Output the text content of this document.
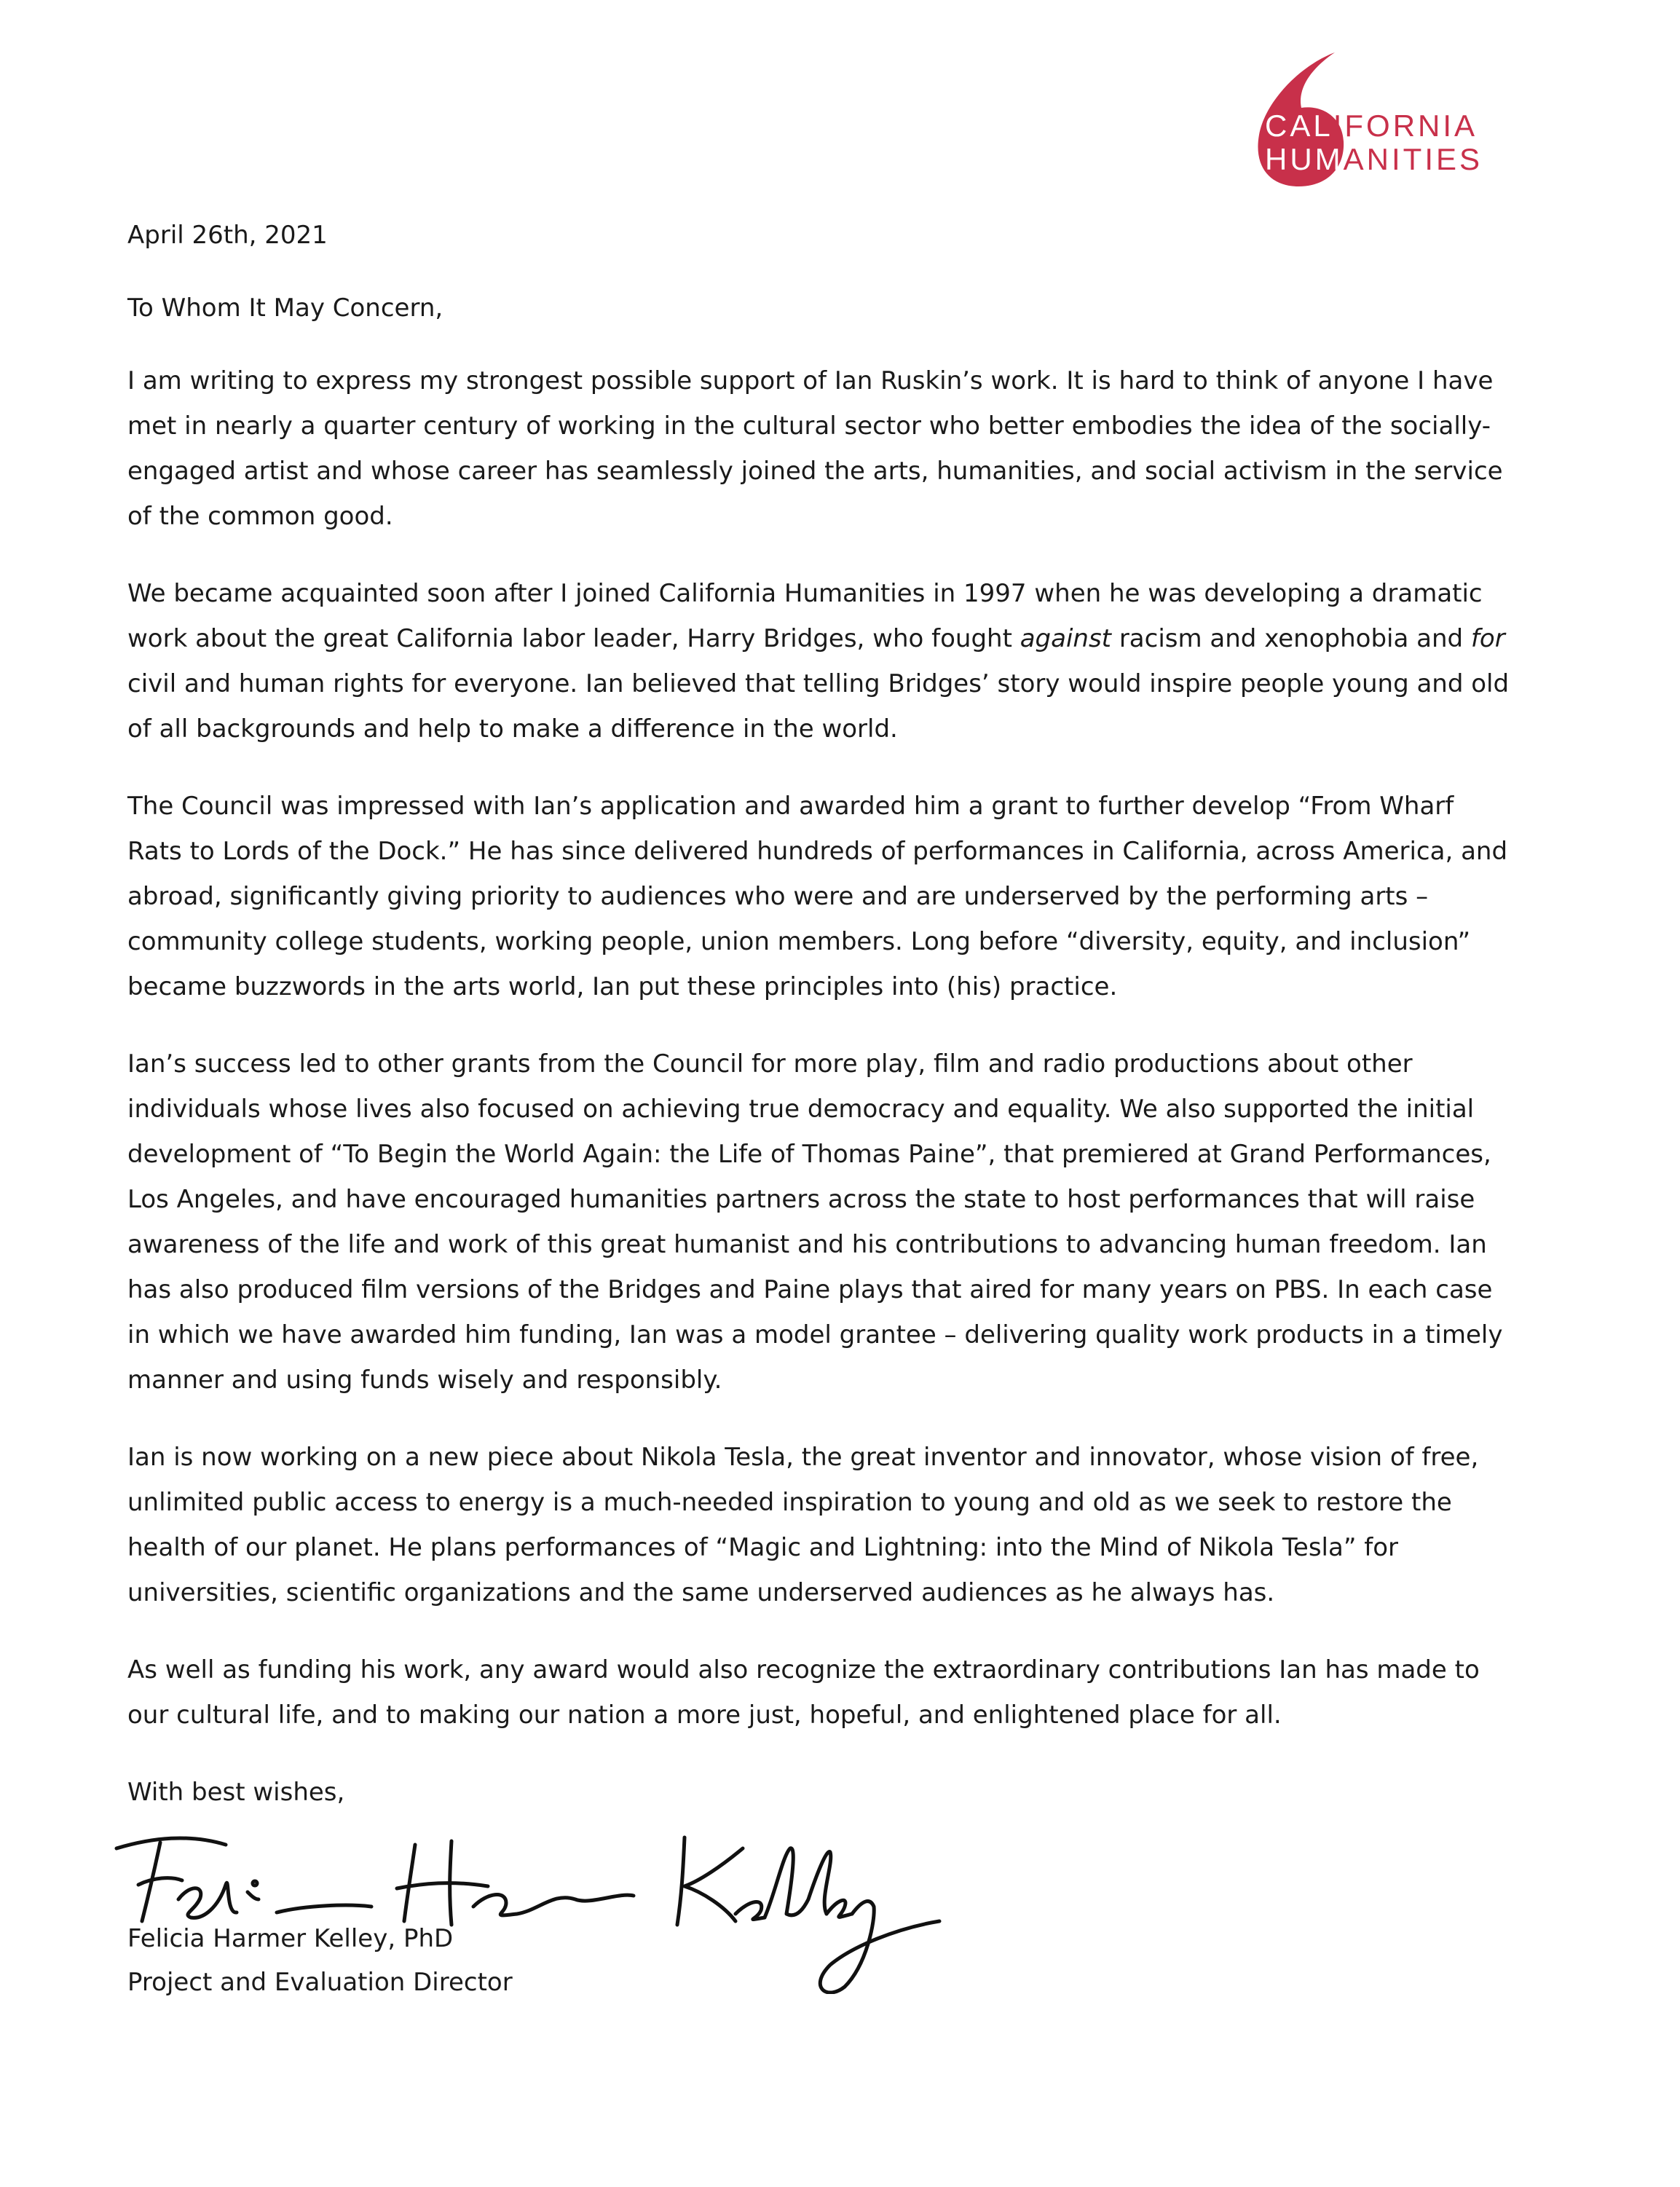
CALIFORNIA
HUMANITIES

April 26th, 2021

To Whom It May Concern,

I am writing to express my strongest possible support of Ian Ruskin’s work. It is hard to think of anyone I have met in nearly a quarter century of working in the cultural sector who better embodies the idea of the socially-engaged artist and whose career has seamlessly joined the arts, humanities, and social activism in the service of the common good.

We became acquainted soon after I joined California Humanities in 1997 when he was developing a dramatic work about the great California labor leader, Harry Bridges, who fought against racism and xenophobia and for civil and human rights for everyone. Ian believed that telling Bridges’ story would inspire people young and old of all backgrounds and help to make a difference in the world.

The Council was impressed with Ian’s application and awarded him a grant to further develop “From Wharf Rats to Lords of the Dock.” He has since delivered hundreds of performances in California, across America, and abroad, significantly giving priority to audiences who were and are underserved by the performing arts – community college students, working people, union members. Long before “diversity, equity, and inclusion” became buzzwords in the arts world, Ian put these principles into (his) practice.

Ian’s success led to other grants from the Council for more play, film and radio productions about other individuals whose lives also focused on achieving true democracy and equality. We also supported the initial development of “To Begin the World Again: the Life of Thomas Paine”, that premiered at Grand Performances, Los Angeles, and have encouraged humanities partners across the state to host performances that will raise awareness of the life and work of this great humanist and his contributions to advancing human freedom. Ian has also produced film versions of the Bridges and Paine plays that aired for many years on PBS. In each case in which we have awarded him funding, Ian was a model grantee – delivering quality work products in a timely manner and using funds wisely and responsibly.

Ian is now working on a new piece about Nikola Tesla, the great inventor and innovator, whose vision of free, unlimited public access to energy is a much-needed inspiration to young and old as we seek to restore the health of our planet. He plans performances of “Magic and Lightning: into the Mind of Nikola Tesla” for universities, scientific organizations and the same underserved audiences as he always has.

As well as funding his work, any award would also recognize the extraordinary contributions Ian has made to our cultural life, and to making our nation a more just, hopeful, and enlightened place for all.

With best wishes,

Felicia Harmer Kelley, PhD
Project and Evaluation Director
